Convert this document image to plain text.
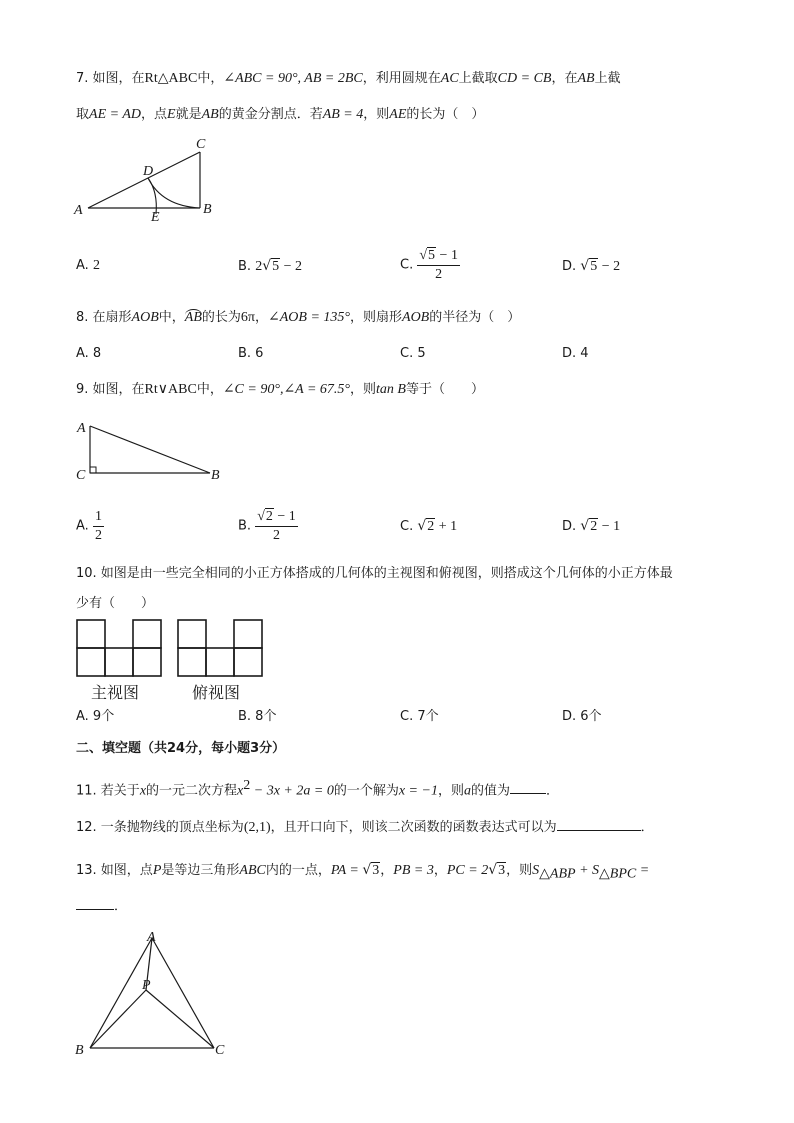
7. 如图，在Rt△ABC中，∠ABC = 90°, AB = 2BC，利用圆规在AC上截取CD = CB，在AB上截
取AE = AD，点E就是AB的黄金分割点．若AB = 4，则AE的长为（　）
A	B
C
D
E
A. 2	B. 2√5 − 2	C. $\frac{√5 - 1}{2}$	D. √5 − 2
8. 在扇形AOB中，AB的长为6π，∠AOB = 135°，则扇形AOB的半径为（　）
A. 8	B. 6	C. 5	D. 4
9. 如图，在Rt∨ABC中，∠C = 90°,∠A = 67.5°，则tan B等于（　　）
A
C	B
A. $\frac{1}{2}$	B. $\frac{√2 - 1}{2}$	C. √2 + 1	D. √2 − 1
10. 如图是由一些完全相同的小正方体搭成的几何体的主视图和俯视图，则搭成这个几何体的小正方体最
少有（　　）
主视图	俯视图
A. 9个	B. 8个	C. 7个	D. 6个
二、填空题（共24分，每小题3分）
11. 若关于x的一元二次方程$x^2 - 3x + 2a = 0$的一个解为x = −1，则a的值为	．
12. 一条抛物线的顶点坐标为(2,1)，且开口向下，则该二次函数的函数表达式可以为	．
13. 如图，点P是等边三角形ABC内的一点，PA = √3，PB = 3，PC = 2√3，则$S_{\triangle ABP} + S_{\triangle BPC}$ =
．
A
P
B	C
